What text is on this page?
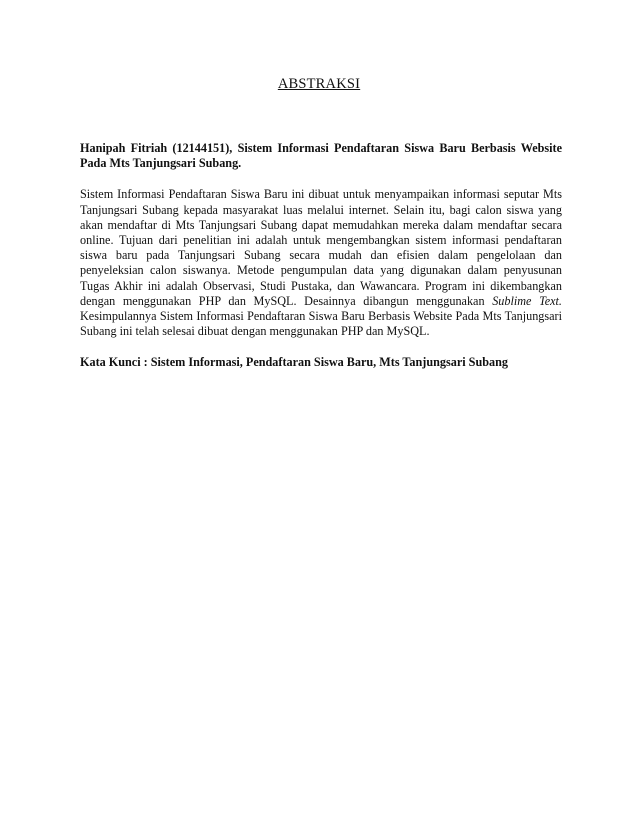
ABSTRAKSI

Hanipah Fitriah (12144151), Sistem Informasi Pendaftaran Siswa Baru Berbasis Website Pada Mts Tanjungsari Subang.

Sistem Informasi Pendaftaran Siswa Baru ini dibuat untuk menyampaikan informasi seputar Mts Tanjungsari Subang kepada masyarakat luas melalui internet. Selain itu, bagi calon siswa yang akan mendaftar di Mts Tanjungsari Subang dapat memudahkan mereka dalam mendaftar secara online. Tujuan dari penelitian ini adalah untuk mengembangkan sistem informasi pendaftaran siswa baru pada Tanjungsari Subang secara mudah dan efisien dalam pengelolaan dan penyeleksian calon siswanya. Metode pengumpulan data yang digunakan dalam penyusunan Tugas Akhir ini adalah Observasi, Studi Pustaka, dan Wawancara. Program ini dikembangkan dengan menggunakan PHP dan MySQL. Desainnya dibangun menggunakan Sublime Text. Kesimpulannya Sistem Informasi Pendaftaran Siswa Baru Berbasis Website Pada Mts Tanjungsari Subang ini telah selesai dibuat dengan menggunakan PHP dan MySQL.

Kata Kunci : Sistem Informasi, Pendaftaran Siswa Baru, Mts Tanjungsari Subang
